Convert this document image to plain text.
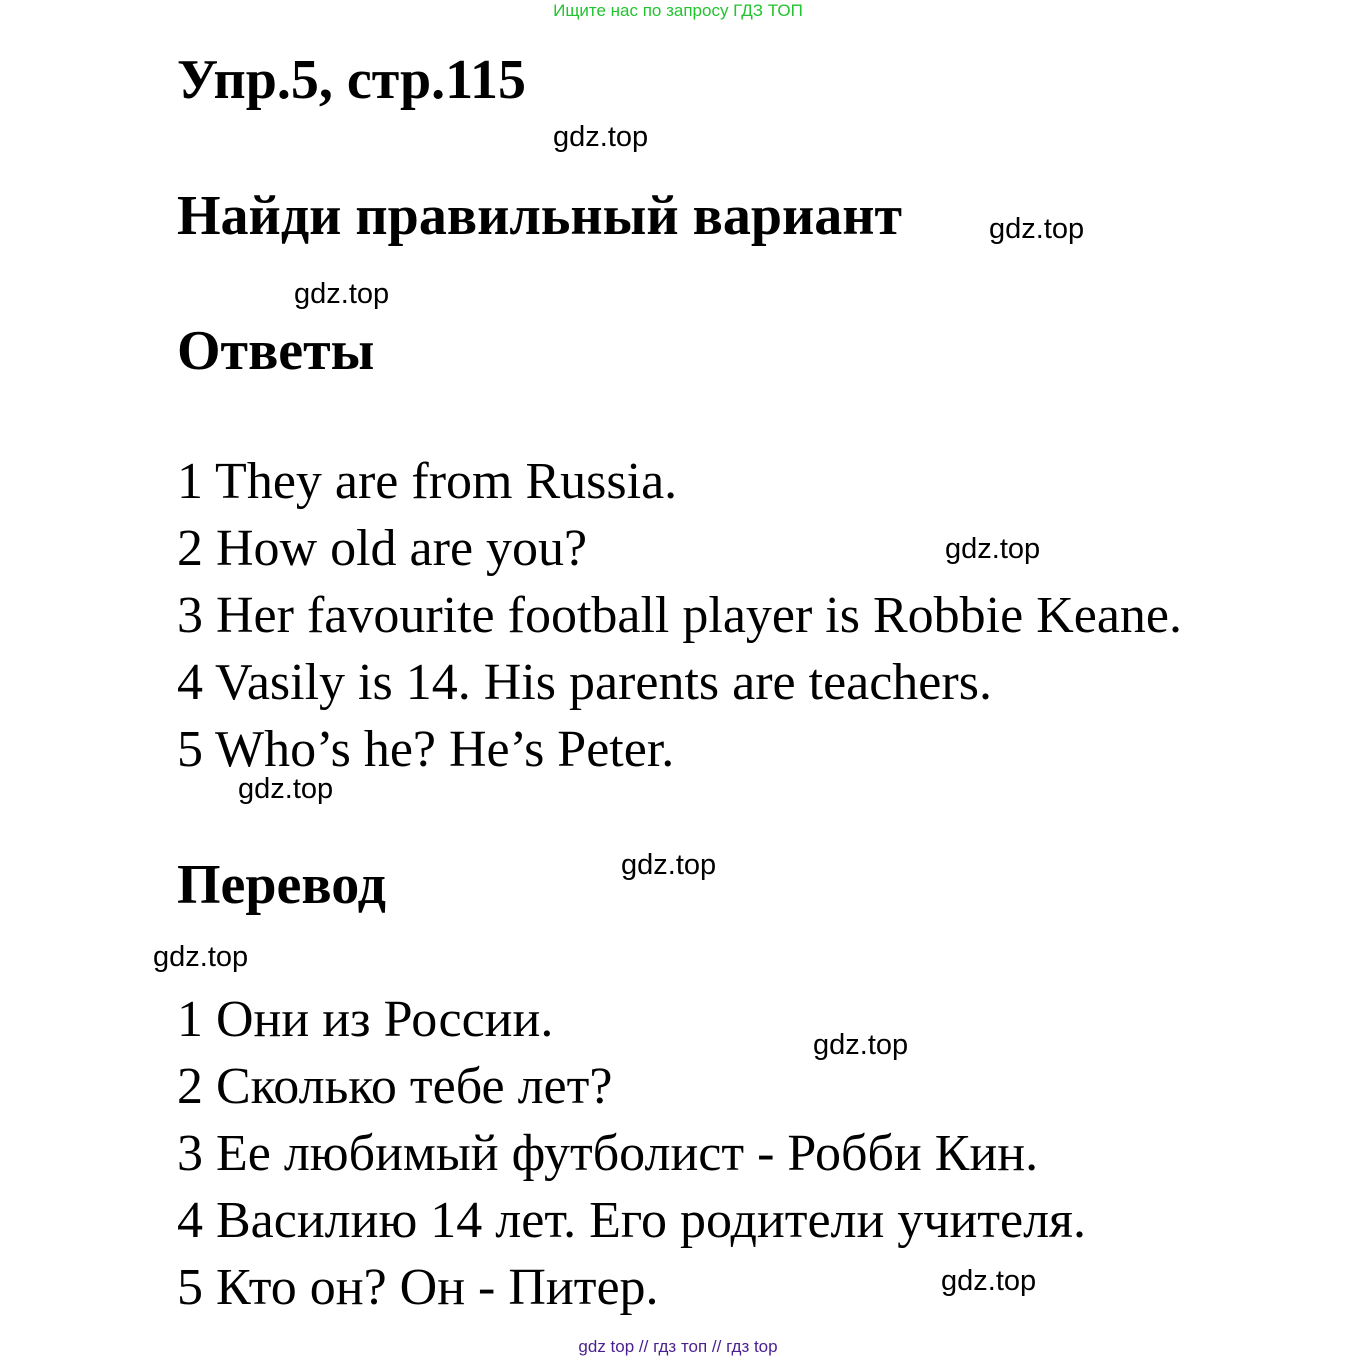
Ищите нас по запросу ГДЗ ТОП
Упр.5, стр.115
Найди правильный вариант
Ответы
1 They are from Russia.
2 How old are you?
3 Her favourite football player is Robbie Keane.
4 Vasily is 14. His parents are teachers.
5 Who’s he? He’s Peter.
Перевод
1 Они из России.
2 Сколько тебе лет?
3 Ее любимый футболист - Робби Кин.
4 Василию 14 лет. Его родители учителя.
5 Кто он? Он - Питер.
gdz.top
gdz.top
gdz.top
gdz.top
gdz.top
gdz.top
gdz.top
gdz.top
gdz.top
gdz top // гдз топ // гдз top
